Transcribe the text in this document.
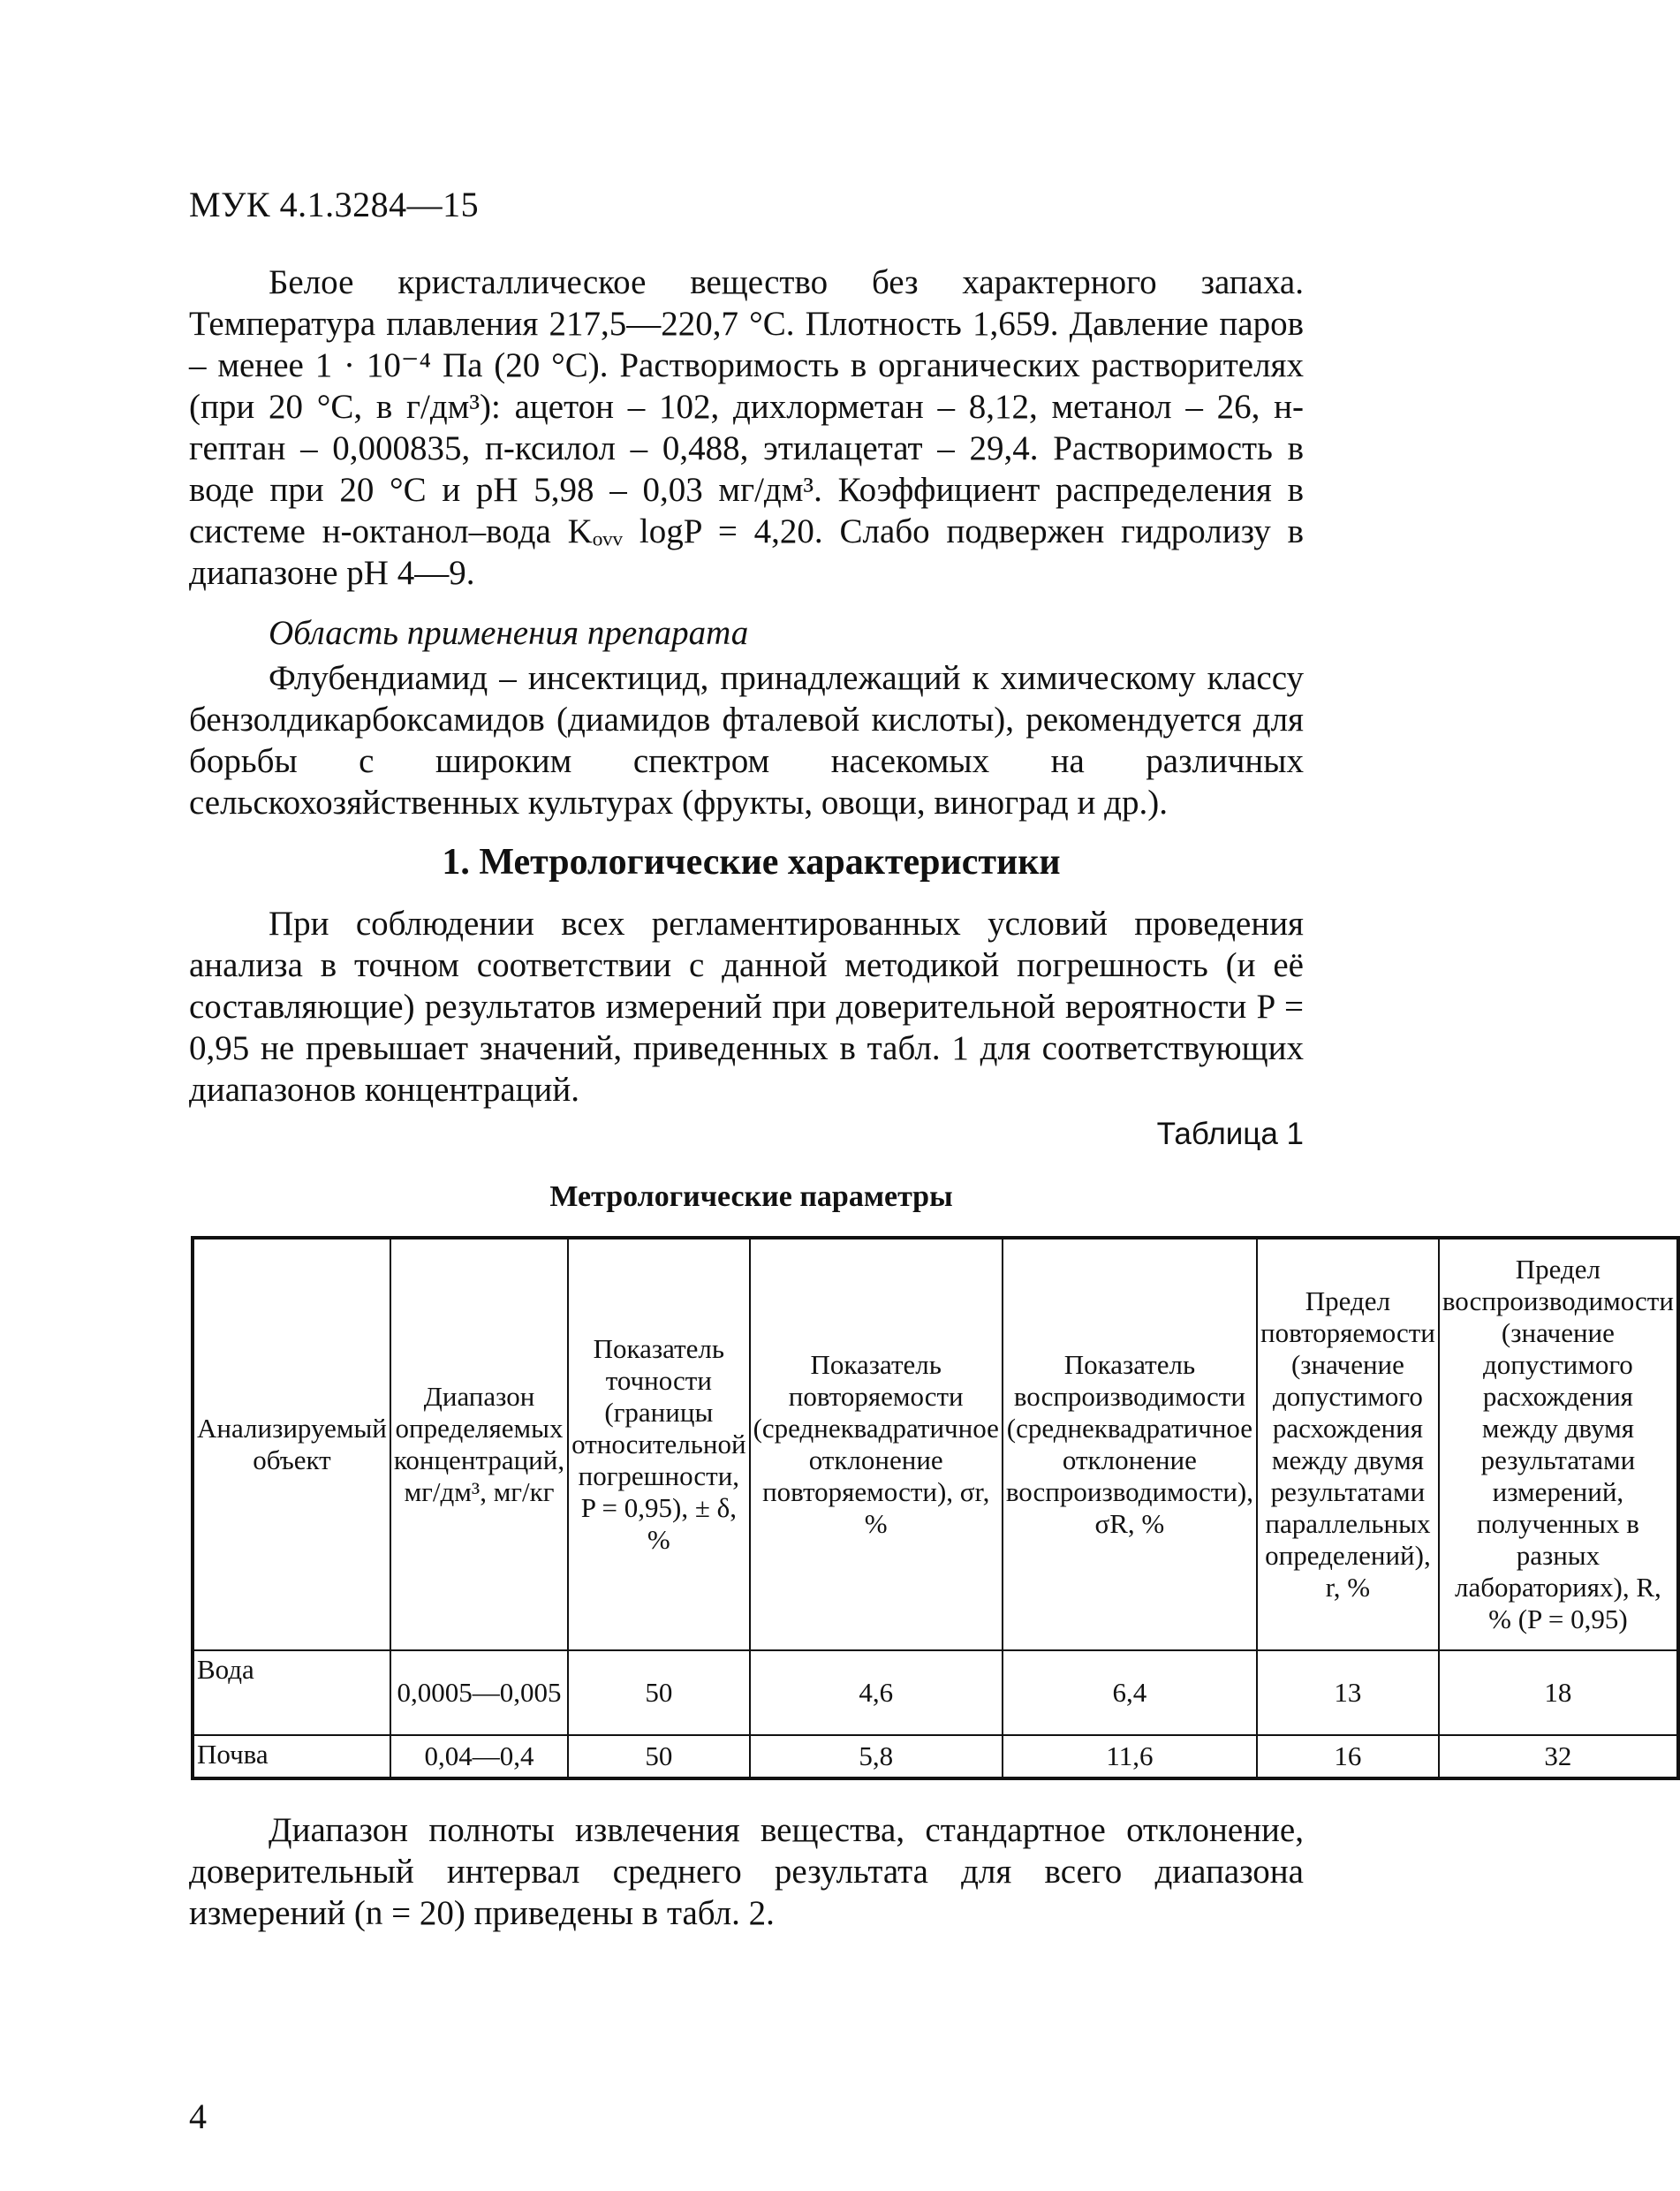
МУК 4.1.3284—15

Белое кристаллическое вещество без характерного запаха. Температура плавления 217,5—220,7 °С. Плотность 1,659. Давление паров – менее 1 · 10⁻⁴ Па (20 °С). Растворимость в органических растворителях (при 20 °С, в г/дм³): ацетон – 102, дихлорметан – 8,12, метанол – 26, н-гептан – 0,000835, п-ксилол – 0,488, этилацетат – 29,4. Растворимость в воде при 20 °С и рН 5,98 – 0,03 мг/дм³. Коэффициент распределения в системе н-октанол–вода Kₒᵥᵥ logP = 4,20. Слабо подвержен гидролизу в диапазоне рН 4—9.

Область применения препарата

Флубендиамид – инсектицид, принадлежащий к химическому классу бензолдикарбоксамидов (диамидов фталевой кислоты), рекомендуется для борьбы с широким спектром насекомых на различных сельскохозяйственных культурах (фрукты, овощи, виноград и др.).

1. Метрологические характеристики

При соблюдении всех регламентированных условий проведения анализа в точном соответствии с данной методикой погрешность (и её составляющие) результатов измерений при доверительной вероятности P = 0,95 не превышает значений, приведенных в табл. 1 для соответствующих диапазонов концентраций.

Таблица 1
Метрологические параметры
Анализируемый объект	Диапазон определяемых концентраций, мг/дм³, мг/кг	Показатель точности (границы относительной погрешности, P = 0,95), ± δ, %	Показатель повторяемости (среднеквадратичное отклонение повторяемости), σr, %	Показатель воспроизводимости (среднеквадратичное отклонение воспроизводимости), σR, %	Предел повторяемости (значение допустимого расхождения между двумя результатами параллельных определений), r, %	Предел воспроизводимости (значение допустимого расхождения между двумя результатами измерений, полученных в разных лабораториях), R, % (P = 0,95)
Вода	0,0005—0,005	50	4,6	6,4	13	18
Почва	0,04—0,4	50	5,8	11,6	16	32

Диапазон полноты извлечения вещества, стандартное отклонение, доверительный интервал среднего результата для всего диапазона измерений (n = 20) приведены в табл. 2.

4
